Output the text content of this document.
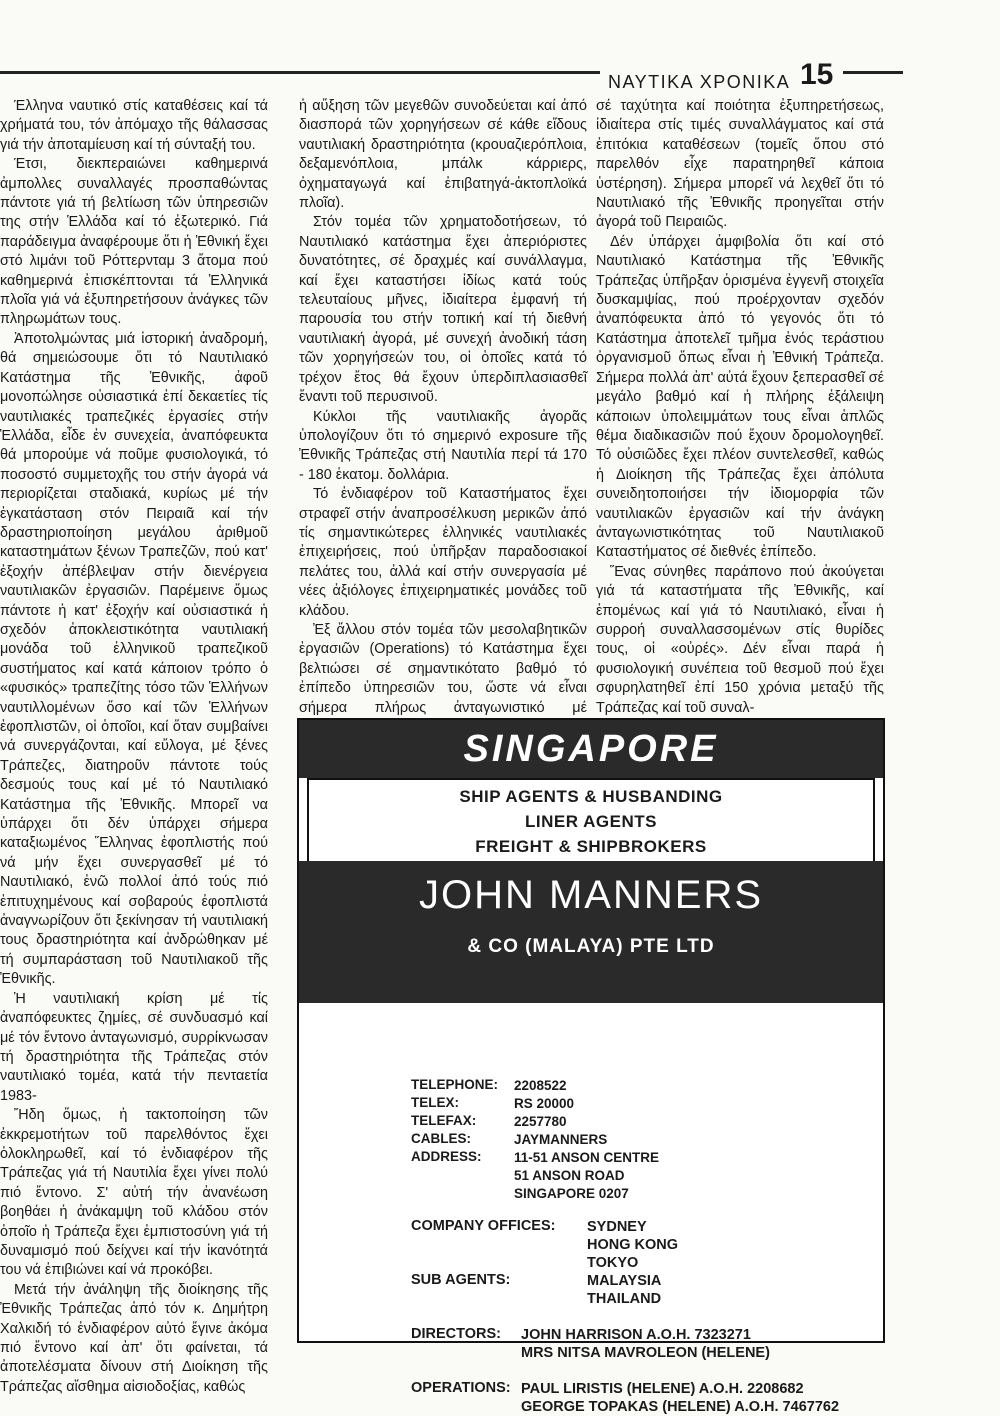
ΝΑΥΤΙΚΑ ΧΡΟΝΙΚΑ 15

Έλληνα ναυτικό στίς καταθέσεις καί τά χρήματά του, τόν ἀπόμαχο τῆς θάλασσας γιά τήν ἀποταμίευση καί τή σύνταξή του.

Έτσι, διεκπεραιώνει καθημερινά ἀμπολλες συναλλαγές προσπαθώντας πάντοτε γιά τή βελτίωση τῶν ὑπηρεσιῶν της στήν Ἑλλάδα καί τό ἐξωτερικό. Γιά παράδειγμα ἀναφέρουμε ὅτι ἡ Ἐθνική ἔχει στό λιμάνι τοῦ Ρόττερνταμ 3 ἄτομα πού καθημερινά ἐπισκέπτονται τά Ἑλληνικά πλοῖα γιά νά ἐξυπηρετήσουν ἀνάγκες τῶν πληρωμάτων τους.

Ἀποτολμώντας μιά ἱστορική ἀναδρομή, θά σημειώσουμε ὅτι τό Ναυτιλιακό Κατάστημα τῆς Ἐθνικῆς, ἀφοῦ μονοπώλησε οὐσιαστικά ἐπί δεκαετίες τίς ναυτιλιακές τραπεζικές ἐργασίες στήν Ἑλλάδα, εἶδε ἐν συνεχεία, ἀναπόφευκτα θά μπορούμε νά ποῦμε φυσιολογικά, τό ποσοστό συμμετοχῆς του στήν ἀγορά νά περιορίζεται σταδιακά, κυρίως μέ τήν ἐγκατάσταση στόν Πειραιᾶ καί τήν δραστηριοποίηση μεγάλου ἀριθμοῦ καταστημάτων ξένων Τραπεζῶν, πού κατ' ἐξοχήν ἀπέβλεψαν στήν διενέργεια ναυτιλιακῶν ἐργασιῶν. Παρέμεινε ὅμως πάντοτε ἡ κατ' ἐξοχήν καί οὐσιαστικά ἡ σχεδόν ἀποκλειστικότητα ναυτιλιακή μονάδα τοῦ ἑλληνικοῦ τραπεζικοῦ συστήματος καί κατά κάποιον τρόπο ὁ «φυσικός» τραπεζίτης τόσο τῶν Ἑλλήνων ναυτιλλομένων ὅσο καί τῶν Ἑλλήνων ἐφοπλιστῶν, οἱ ὁποῖοι, καί ὅταν συμβαίνει νά συνεργάζονται, καί εὔλογα, μέ ξένες Τράπεζες, διατηροῦν πάντοτε τούς δεσμούς τους καί μέ τό Ναυτιλιακό Κατάστημα τῆς Ἐθνικῆς. Μπορεῖ να ὑπάρχει ὅτι δέν ὑπάρχει σήμερα καταξιωμένος Ἕλληνας ἐφοπλιστής πού νά μήν ἔχει συνεργασθεῖ μέ τό Ναυτιλιακό, ἐνῶ πολλοί ἀπό τούς πιό ἐπιτυχημένους καί σοβαρούς ἐφοπλιστά ἀναγνωρίζουν ὅτι ξεκίνησαν τή ναυτιλιακή τους δραστηριότητα καί ἀνδρώθηκαν μέ τή συμπαράσταση τοῦ Ναυτιλιακοῦ τῆς Ἐθνικῆς.

Ἡ ναυτιλιακή κρίση μέ τίς ἀναπόφευκτες ζημίες, σέ συνδυασμό καί μέ τόν ἔντονο ἀνταγωνισμό, συρρίκνωσαν τή δραστηριότητα τῆς Τράπεζας στόν ναυτιλιακό τομέα, κατά τήν πενταετία 1983-

Ἤδη ὅμως, ἡ τακτοποίηση τῶν ἐκκρεμοτήτων τοῦ παρελθόντος ἔχει ὁλοκληρωθεῖ, καί τό ἐνδιαφέρον τῆς Τράπεζας γιά τή Ναυτιλία ἔχει γίνει πολύ πιό ἔντονο. Σ' αὐτή τήν ἀνανέωση βοηθάει ἡ ἀνάκαμψη τοῦ κλάδου στόν ὁποῖο ἡ Τράπεζα ἔχει ἐμπιστοσύνη γιά τή δυναμισμό πού δείχνει καί τήν ἱκανότητά του νά ἐπιβιώνει καί νά προκόβει.

Μετά τήν ἀνάληψη τῆς διοίκησης τῆς Ἐθνικῆς Τράπεζας ἀπό τόν κ. Δημήτρη Χαλκιδή τό ἐνδιαφέρον αὐτό ἔγινε ἀκόμα πιό ἔντονο καί ἀπ' ὅτι φαίνεται, τά ἀποτελέσματα δίνουν στή Διοίκηση τῆς Τράπεζας αἴσθημα αἰσιοδοξίας, καθώς

ἡ αὔξηση τῶν μεγεθῶν συνοδεύεται καί ἀπό διασπορά τῶν χορηγήσεων σέ κάθε εἴδους ναυτιλιακή δραστηριότητα (κρουαζιερόπλοια, δεξαμενόπλοια, μπάλκ κάρριερς, ὀχηματαγωγά καί ἐπιβατηγά-ἀκτοπλοϊκά πλοῖα).

Στόν τομέα τῶν χρηματοδοτήσεων, τό Ναυτιλιακό κατάστημα ἔχει ἀπεριόριστες δυνατότητες, σέ δραχμές καί συνάλλαγμα, καί ἔχει καταστήσει ἰδίως κατά τούς τελευταίους μῆνες, ἰδιαίτερα ἐμφανή τή παρουσία του στήν τοπική καί τή διεθνή ναυτιλιακή ἀγορά, μέ συνεχή ἀνοδική τάση τῶν χορηγήσεών του, οἱ ὁποῖες κατά τό τρέχον ἔτος θά ἔχουν ὑπερδιπλασιασθεῖ ἔναντι τοῦ περυσινοῦ.

Κύκλοι τῆς ναυτιλιακῆς ἀγορᾶς ὑπολογίζουν ὅτι τό σημερινό exposure τῆς Ἐθνικῆς Τράπεζας στή Ναυτιλία περί τά 170 - 180 ἑκατομ. δολλάρια.

Τό ἐνδιαφέρον τοῦ Καταστήματος ἔχει στραφεῖ στήν ἀναπροσέλκυση μερικῶν ἀπό τίς σημαντικώτερες ἑλληνικές ναυτιλιακές ἐπιχειρήσεις, πού ὑπῆρξαν παραδοσιακοί πελάτες του, ἀλλά καί στήν συνεργασία μέ νέες ἀξιόλογες ἐπιχειρηματικές μονάδες τοῦ κλάδου.

Ἐξ ἄλλου στόν τομέα τῶν μεσολαβητικῶν ἐργασιῶν (Operations) τό Κατάστημα ἔχει βελτιώσει σέ σημαντικότατο βαθμό τό ἐπίπεδο ὑπηρεσιῶν του, ὥστε νά εἶναι σήμερα πλήρως ἀνταγωνιστικό μέ

σέ ταχύτητα καί ποιότητα ἐξυπηρετήσεως, ἰδιαίτερα στίς τιμές συναλλάγματος καί στά ἐπιτόκια καταθέσεων (τομεῖς ὅπου στό παρελθόν εἶχε παρατηρηθεῖ κάποια ὑστέρηση). Σήμερα μπορεῖ νά λεχθεῖ ὅτι τό Ναυτιλιακό τῆς Ἐθνικῆς προηγεῖται στήν ἀγορά τοῦ Πειραιῶς.

Δέν ὑπάρχει ἀμφιβολία ὅτι καί στό Ναυτιλιακό Κατάστημα τῆς Ἐθνικῆς Τράπεζας ὑπῆρξαν ὁρισμένα ἐγγενῆ στοιχεῖα δυσκαμψίας, πού προέρχονταν σχεδόν ἀναπόφευκτα ἀπό τό γεγονός ὅτι τό Κατάστημα ἀποτελεῖ τμῆμα ἑνός τεράστιου ὀργανισμοῦ ὅπως εἶναι ἡ Ἐθνική Τράπεζα. Σήμερα πολλά ἀπ' αὐτά ἔχουν ξεπερασθεῖ σέ μεγάλο βαθμό καί ἡ πλήρης ἐξάλειψη κάποιων ὑπολειμμάτων τους εἶναι ἁπλῶς θέμα διαδικασιῶν πού ἔχουν δρομολογηθεῖ. Τό οὐσιῶδες ἔχει πλέον συντελεσθεῖ, καθώς ἡ Διοίκηση τῆς Τράπεζας ἔχει ἀπόλυτα συνειδητοποιήσει τήν ἰδιομορφία τῶν ναυτιλιακῶν ἐργασιῶν καί τήν ἀνάγκη ἀνταγωνιστικότητας τοῦ Ναυτιλιακοῦ Καταστήματος σέ διεθνές ἐπίπεδο.

Ἕνας σύνηθες παράπονο πού ἀκούγεται γιά τά καταστήματα τῆς Ἐθνικῆς, καί ἑπομένως καί γιά τό Ναυτιλιακό, εἶναι ἡ συρροή συναλλασσομένων στίς θυρίδες τους, οἱ «οὐρές». Δέν εἶναι παρά ἡ φυσιολογική συνέπεια τοῦ θεσμοῦ πού ἔχει σφυρηλατηθεῖ ἐπί 150 χρόνια μεταξύ τῆς Τράπεζας καί τοῦ συναλ-

SINGAPORE
SHIP AGENTS & HUSBANDING
LINER AGENTS
FREIGHT & SHIPBROKERS
JOHN MANNERS
& CO (MALAYA) PTE LTD
TELEPHONE: 2208522
TELEX:	RS 20000
TELEFAX:	2257780
CABLES:	JAYMANNERS
ADDRESS: 11-51 ANSON CENTRE
51 ANSON ROAD
SINGAPORE 0207
COMPANY OFFICES: SYDNEY
HONG KONG
TOKYO
SUB AGENTS:	MALAYSIA
THAILAND
DIRECTORS: JOHN HARRISON A.O.H. 7323271
MRS NITSA MAVROLEON (HELENE)
OPERATIONS: PAUL LIRISTIS (HELENE) A.O.H. 2208682
GEORGE TOPAKAS (HELENE) A.O.H. 7467762
